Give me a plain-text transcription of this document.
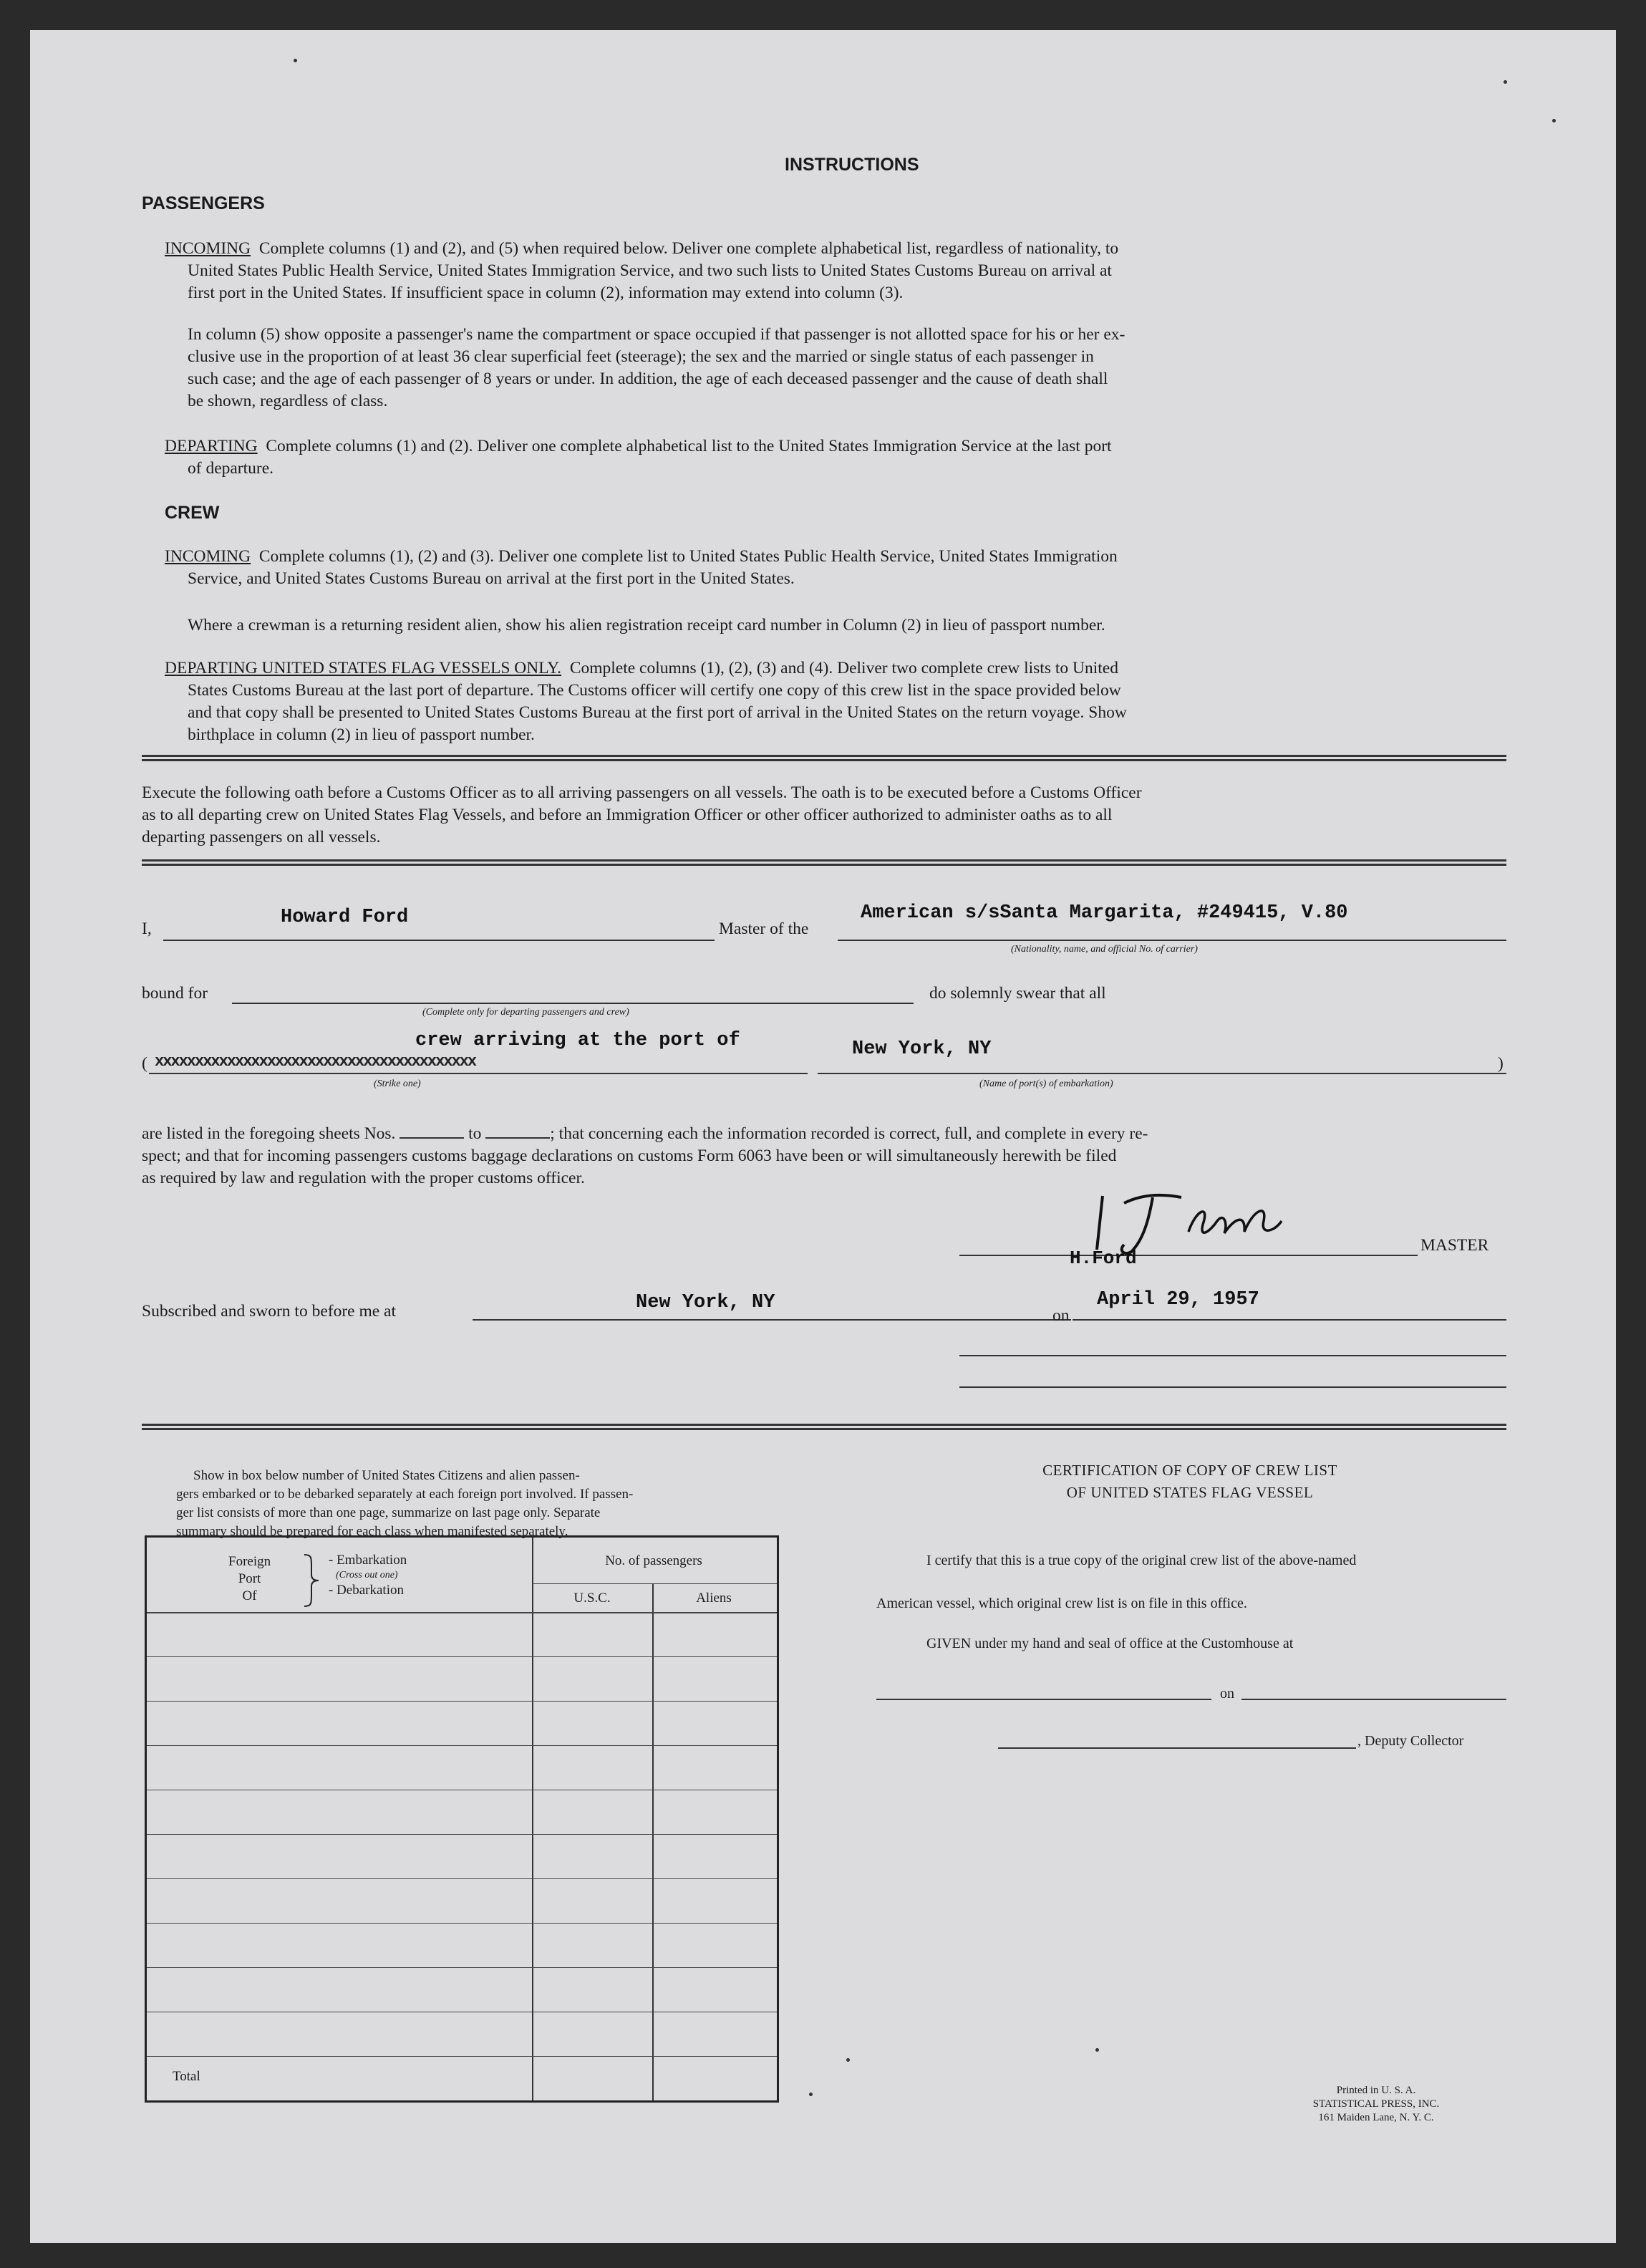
INSTRUCTIONS
PASSENGERS
INCOMING Complete columns (1) and (2), and (5) when required below. Deliver one complete alphabetical list, regardless of nationality, to
United States Public Health Service, United States Immigration Service, and two such lists to United States Customs Bureau on arrival at
first port in the United States. If insufficient space in column (2), information may extend into column (3).
In column (5) show opposite a passenger's name the compartment or space occupied if that passenger is not allotted space for his or her ex-
clusive use in the proportion of at least 36 clear superficial feet (steerage); the sex and the married or single status of each passenger in
such case; and the age of each passenger of 8 years or under. In addition, the age of each deceased passenger and the cause of death shall
be shown, regardless of class.
DEPARTING Complete columns (1) and (2). Deliver one complete alphabetical list to the United States Immigration Service at the last port
of departure.
CREW
INCOMING Complete columns (1), (2) and (3). Deliver one complete list to United States Public Health Service, United States Immigration
Service, and United States Customs Bureau on arrival at the first port in the United States.
Where a crewman is a returning resident alien, show his alien registration receipt card number in Column (2) in lieu of passport number.
DEPARTING UNITED STATES FLAG VESSELS ONLY. Complete columns (1), (2), (3) and (4). Deliver two complete crew lists to United
States Customs Bureau at the last port of departure. The Customs officer will certify one copy of this crew list in the space provided below
and that copy shall be presented to United States Customs Bureau at the first port of arrival in the United States on the return voyage. Show
birthplace in column (2) in lieu of passport number.
Execute the following oath before a Customs Officer as to all arriving passengers on all vessels. The oath is to be executed before a Customs Officer
as to all departing crew on United States Flag Vessels, and before an Immigration Officer or other officer authorized to administer oaths as to all
departing passengers on all vessels.
I,
Howard Ford
Master of the
American s/sSanta Margarita, #249415, V.80
(Nationality, name, and official No. of carrier)
bound for
(Complete only for departing passengers and crew)
do solemnly swear that all
( xxxxxxxxxxxxxxxxxxxxxxxxxxxxxxxxxxxxxxxx
crew arriving at the port of	New York, NY
)
(Strike one)	(Name of port(s) of embarkation)
are listed in the foregoing sheets Nos.	to	; that concerning each the information recorded is correct, full, and complete in every re-
spect; and that for incoming passengers customs baggage declarations on customs Form 6063 have been or will simultaneously herewith be filed
as required by law and regulation with the proper customs officer.
MASTER
H.Ford
Subscribed and sworn to before me at	New York, NY
on
April 29, 1957
Show in box below number of United States Citizens and alien passen-
gers embarked or to be debarked separately at each foreign port involved. If passen-
ger list consists of more than one page, summarize on last page only. Separate
summary should be prepared for each class when manifested separately.
Foreign
Port
Of
- Embarkation
(Cross out one)
- Debarkation
No. of passengers
U.S.C.	Aliens
Total
CERTIFICATION OF COPY OF CREW LIST
OF UNITED STATES FLAG VESSEL
I certify that this is a true copy of the original crew list of the above-named
American vessel, which original crew list is on file in this office.
GIVEN under my hand and seal of office at the Customhouse at
on
, Deputy Collector
Printed in U. S. A.
STATISTICAL PRESS, INC.
161 Maiden Lane, N. Y. C.
